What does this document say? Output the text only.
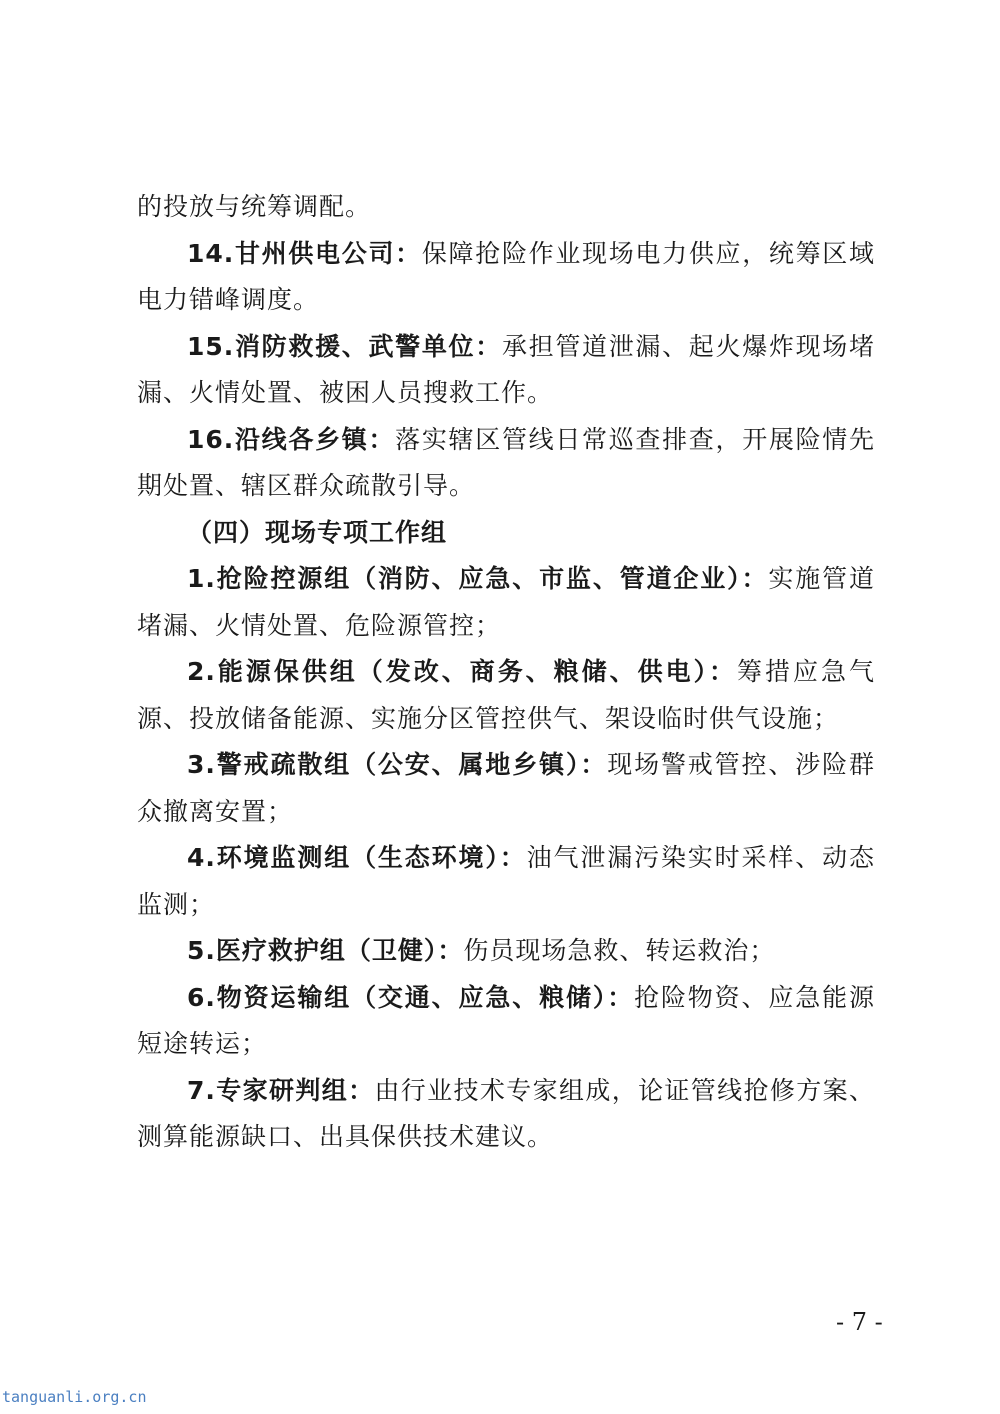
的投放与统筹调配。

14.甘州供电公司：保障抢险作业现场电力供应，统筹区域电力错峰调度。

15.消防救援、武警单位：承担管道泄漏、起火爆炸现场堵漏、火情处置、被困人员搜救工作。

16.沿线各乡镇：落实辖区管线日常巡查排查，开展险情先期处置、辖区群众疏散引导。

（四）现场专项工作组

1.抢险控源组（消防、应急、市监、管道企业）：实施管道堵漏、火情处置、危险源管控；

2.能源保供组（发改、商务、粮储、供电）：筹措应急气源、投放储备能源、实施分区管控供气、架设临时供气设施；

3.警戒疏散组（公安、属地乡镇）：现场警戒管控、涉险群众撤离安置；

4.环境监测组（生态环境）：油气泄漏污染实时采样、动态监测；

5.医疗救护组（卫健）：伤员现场急救、转运救治；

6.物资运输组（交通、应急、粮储）：抢险物资、应急能源短途转运；

7.专家研判组：由行业技术专家组成，论证管线抢修方案、测算能源缺口、出具保供技术建议。

- 7 -
tanguanli.org.cn
